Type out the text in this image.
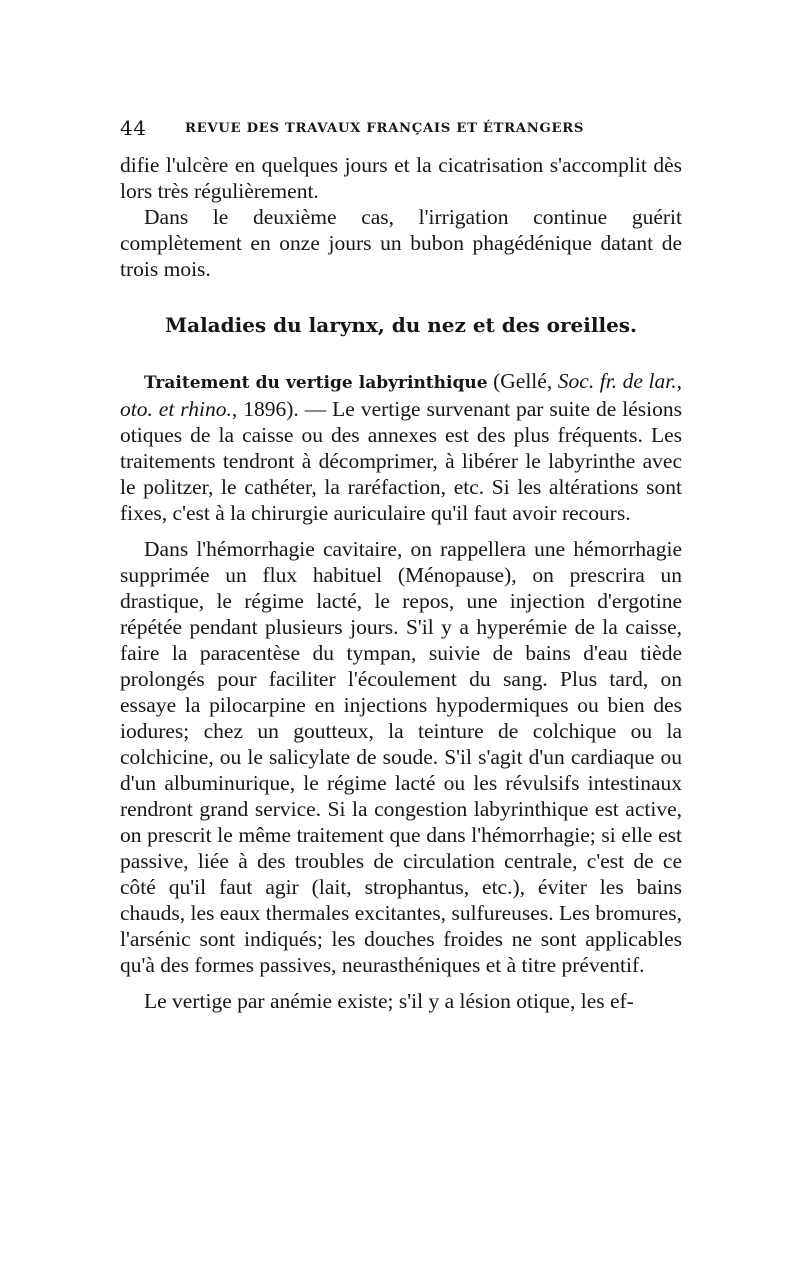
44	REVUE DES TRAVAUX FRANÇAIS ET ÉTRANGERS

difie l'ulcère en quelques jours et la cicatrisation s'accomplit dès lors très régulièrement.

Dans le deuxième cas, l'irrigation continue guérit complètement en onze jours un bubon phagédénique datant de trois mois.

Maladies du larynx, du nez et des oreilles.

Traitement du vertige labyrinthique (Gellé, Soc. fr. de lar., oto. et rhino., 1896). — Le vertige survenant par suite de lésions otiques de la caisse ou des annexes est des plus fréquents. Les traitements tendront à décomprimer, à libérer le labyrinthe avec le politzer, le cathéter, la raréfaction, etc. Si les altérations sont fixes, c'est à la chirurgie auriculaire qu'il faut avoir recours.

Dans l'hémorrhagie cavitaire, on rappellera une hémorrhagie supprimée un flux habituel (Ménopause), on prescrira un drastique, le régime lacté, le repos, une injection d'ergotine répétée pendant plusieurs jours. S'il y a hyperémie de la caisse, faire la paracentèse du tympan, suivie de bains d'eau tiède prolongés pour faciliter l'écoulement du sang. Plus tard, on essaye la pilocarpine en injections hypodermiques ou bien des iodures; chez un goutteux, la teinture de colchique ou la colchicine, ou le salicylate de soude. S'il s'agit d'un cardiaque ou d'un albuminurique, le régime lacté ou les révulsifs intestinaux rendront grand service. Si la congestion labyrinthique est active, on prescrit le même traitement que dans l'hémorrhagie; si elle est passive, liée à des troubles de circulation centrale, c'est de ce côté qu'il faut agir (lait, strophantus, etc.), éviter les bains chauds, les eaux thermales excitantes, sulfureuses. Les bromures, l'arsénic sont indiqués; les douches froides ne sont applicables qu'à des formes passives, neurasthéniques et à titre préventif.

Le vertige par anémie existe; s'il y a lésion otique, les ef-
